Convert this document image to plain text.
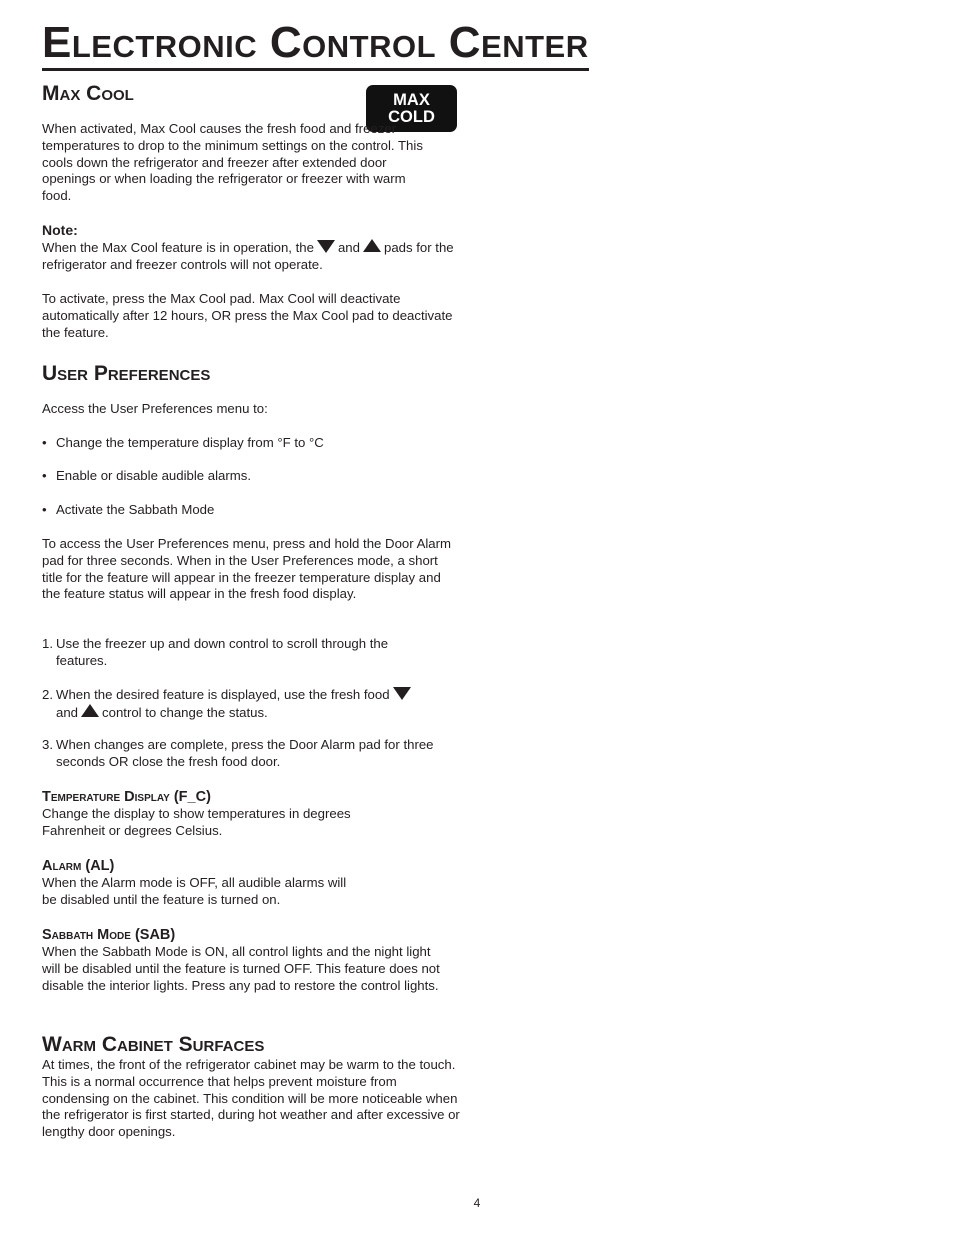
Electronic Control Center
Max Cool	MAX
COLD

When activated, Max Cool causes the fresh food and freezer temperatures to drop to the minimum settings on the control. This cools down the refrigerator and freezer after extended door openings or when loading the refrigerator or freezer with warm food.

Note:

When the Max Cool feature is in operation, the and pads for the refrigerator and freezer controls will not operate.

To activate, press the Max Cool pad. Max Cool will deactivate automatically after 12 hours, OR press the Max Cool pad to deactivate the feature.

User Preferences

Access the User Preferences menu to:

• Change the temperature display from °F to °C
• Enable or disable audible alarms.
• Activate the Sabbath Mode

To access the User Preferences menu, press and hold the Door Alarm pad for three seconds. When in the User Preferences mode, a short title for the feature will appear in the freezer temperature display and the feature status will appear in the fresh food display.

1. Use the freezer up and down control to scroll through the features.
2. When the desired feature is displayed, use the fresh food
and control to change the status.
3. When changes are complete, press the Door Alarm pad for three seconds OR close the fresh food door.
Temperature Display (F_C)

Change the display to show temperatures in degrees Fahrenheit or degrees Celsius.

Alarm (AL)

When the Alarm mode is OFF, all audible alarms will

be disabled until the feature is turned on.

Sabbath Mode (SAB)

When the Sabbath Mode is ON, all control lights and the night light will be disabled until the feature is turned OFF. This feature does not disable the interior lights. Press any pad to restore the control lights.

Warm Cabinet Surfaces

At times, the front of the refrigerator cabinet may be warm to the touch. This is a normal occurrence that helps prevent moisture from condensing on the cabinet. This condition will be more noticeable when the refrigerator is first started, during hot weather and after excessive or lengthy door openings.

4
